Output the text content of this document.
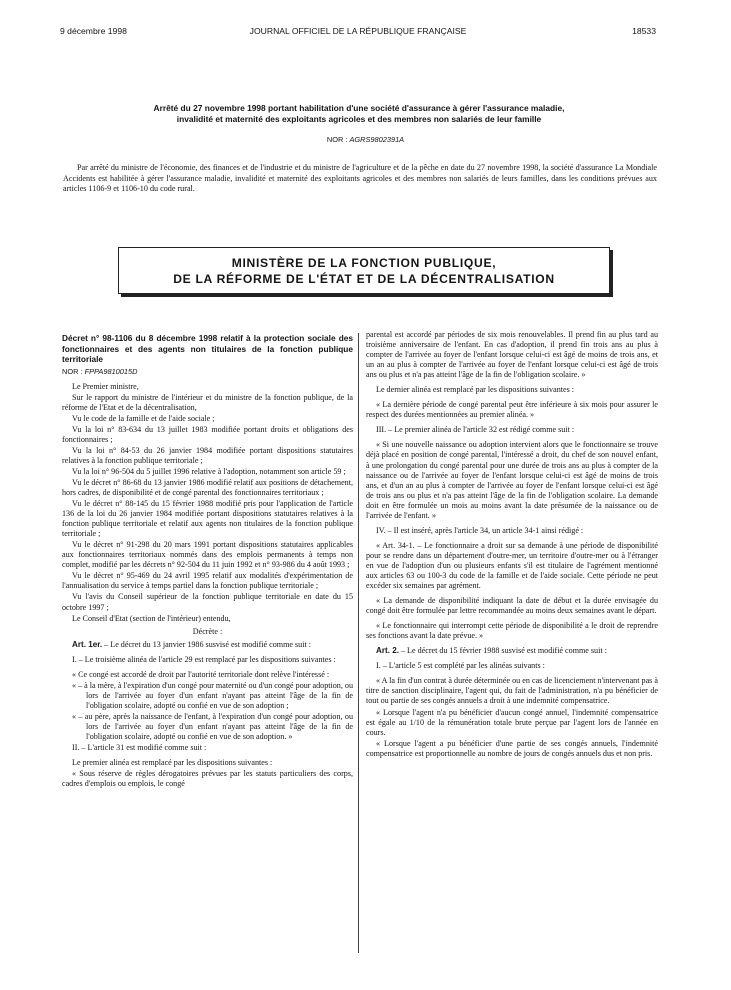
9 décembre 1998	JOURNAL OFFICIEL DE LA RÉPUBLIQUE FRANÇAISE	18533
Arrêté du 27 novembre 1998 portant habilitation d'une société d'assurance à gérer l'assurance maladie,
invalidité et maternité des exploitants agricoles et des membres non salariés de leur famille
NOR : AGRS9802391A

Par arrêté du ministre de l'économie, des finances et de l'industrie et du ministre de l'agriculture et de la pêche en date du 27 novembre 1998, la société d'assurance La Mondiale Accidents est habilitée à gérer l'assurance maladie, invalidité et maternité des exploitants agricoles et des membres non salariés de leurs familles, dans les conditions prévues aux articles 1106-9 et 1106-10 du code rural.

MINISTÈRE DE LA FONCTION PUBLIQUE,
DE LA RÉFORME DE L'ÉTAT ET DE LA DÉCENTRALISATION

Décret n° 98-1106 du 8 décembre 1998 relatif à la protection sociale des fonctionnaires et des agents non titulaires de la fonction publique territoriale

NOR : FPPA9810015D

Le Premier ministre,

Sur le rapport du ministre de l'intérieur et du ministre de la fonction publique, de la réforme de l'Etat et de la décentralisation,

Vu le code de la famille et de l'aide sociale ;

Vu la loi n° 83-634 du 13 juillet 1983 modifiée portant droits et obligations des fonctionnaires ;

Vu la loi n° 84-53 du 26 janvier 1984 modifiée portant dispositions statutaires relatives à la fonction publique territoriale ;

Vu la loi n° 96-504 du 5 juillet 1996 relative à l'adoption, notamment son article 59 ;

Vu le décret n° 86-68 du 13 janvier 1986 modifié relatif aux positions de détachement, hors cadres, de disponibilité et de congé parental des fonctionnaires territoriaux ;

Vu le décret n° 88-145 du 15 février 1988 modifié pris pour l'application de l'article 136 de la loi du 26 janvier 1984 modifiée portant dispositions statutaires relatives à la fonction publique territoriale et relatif aux agents non titulaires de la fonction publique territoriale ;

Vu le décret n° 91-298 du 20 mars 1991 portant dispositions statutaires applicables aux fonctionnaires territoriaux nommés dans des emplois permanents à temps non complet, modifié par les décrets n° 92-504 du 11 juin 1992 et n° 93-986 du 4 août 1993 ;

Vu le décret n° 95-469 du 24 avril 1995 relatif aux modalités d'expérimentation de l'annualisation du service à temps partiel dans la fonction publique territoriale ;

Vu l'avis du Conseil supérieur de la fonction publique territoriale en date du 15 octobre 1997 ;

Le Conseil d'Etat (section de l'intérieur) entendu,

Décrète :

Art. 1er. – Le décret du 13 janvier 1986 susvisé est modifié comme suit :

I. – Le troisième alinéa de l'article 29 est remplacé par les dispositions suivantes :

« Ce congé est accordé de droit par l'autorité territoriale dont relève l'intéressé :

« – à la mère, à l'expiration d'un congé pour maternité ou d'un congé pour adoption, ou lors de l'arrivée au foyer d'un enfant n'ayant pas atteint l'âge de la fin de l'obligation scolaire, adopté ou confié en vue de son adoption ;

« – au père, après la naissance de l'enfant, à l'expiration d'un congé pour adoption, ou lors de l'arrivée au foyer d'un enfant n'ayant pas atteint l'âge de la fin de l'obligation scolaire, adopté ou confié en vue de son adoption. »

II. – L'article 31 est modifié comme suit :

Le premier alinéa est remplacé par les dispositions suivantes :

« Sous réserve de règles dérogatoires prévues par les statuts particuliers des corps, cadres d'emplois ou emplois, le congé

parental est accordé par périodes de six mois renouvelables. Il prend fin au plus tard au troisième anniversaire de l'enfant. En cas d'adoption, il prend fin trois ans au plus à compter de l'arrivée au foyer de l'enfant lorsque celui-ci est âgé de moins de trois ans, et un an au plus à compter de l'arrivée au foyer de l'enfant lorsque celui-ci est âgé de trois ans ou plus et n'a pas atteint l'âge de la fin de l'obligation scolaire. »

Le dernier alinéa est remplacé par les dispositions suivantes :

« La dernière période de congé parental peut être inférieure à six mois pour assurer le respect des durées mentionnées au premier alinéa. »

III. – Le premier alinéa de l'article 32 est rédigé comme suit :

« Si une nouvelle naissance ou adoption intervient alors que le fonctionnaire se trouve déjà placé en position de congé parental, l'intéressé a droit, du chef de son nouvel enfant, à une prolongation du congé parental pour une durée de trois ans au plus à compter de la naissance ou de l'arrivée au foyer de l'enfant lorsque celui-ci est âgé de moins de trois ans, et d'un an au plus à compter de l'arrivée au foyer de l'enfant lorsque celui-ci est âgé de trois ans ou plus et n'a pas atteint l'âge de la fin de l'obligation scolaire. La demande doit en être formulée un mois au moins avant la date présumée de la naissance ou de l'arrivée de l'enfant. »

IV. – Il est inséré, après l'article 34, un article 34-1 ainsi rédigé :

« Art. 34-1. – Le fonctionnaire a droit sur sa demande à une période de disponibilité pour se rendre dans un département d'outre-mer, un territoire d'outre-mer ou à l'étranger en vue de l'adoption d'un ou plusieurs enfants s'il est titulaire de l'agrément mentionné aux articles 63 ou 100-3 du code de la famille et de l'aide sociale. Cette période ne peut excéder six semaines par agrément.

« La demande de disponibilité indiquant la date de début et la durée envisagée du congé doit être formulée par lettre recommandée au moins deux semaines avant le départ.

« Le fonctionnaire qui interrompt cette période de disponibilité a le droit de reprendre ses fonctions avant la date prévue. »

Art. 2. – Le décret du 15 février 1988 susvisé est modifié comme suit :

I. – L'article 5 est complété par les alinéas suivants :

« A la fin d'un contrat à durée déterminée ou en cas de licenciement n'intervenant pas à titre de sanction disciplinaire, l'agent qui, du fait de l'administration, n'a pu bénéficier de tout ou partie de ses congés annuels a droit à une indemnité compensatrice.

« Lorsque l'agent n'a pu bénéficier d'aucun congé annuel, l'indemnité compensatrice est égale au 1/10 de la rémunération totale brute perçue par l'agent lors de l'année en cours.

« Lorsque l'agent a pu bénéficier d'une partie de ses congés annuels, l'indemnité compensatrice est proportionnelle au nombre de jours de congés annuels dus et non pris.
